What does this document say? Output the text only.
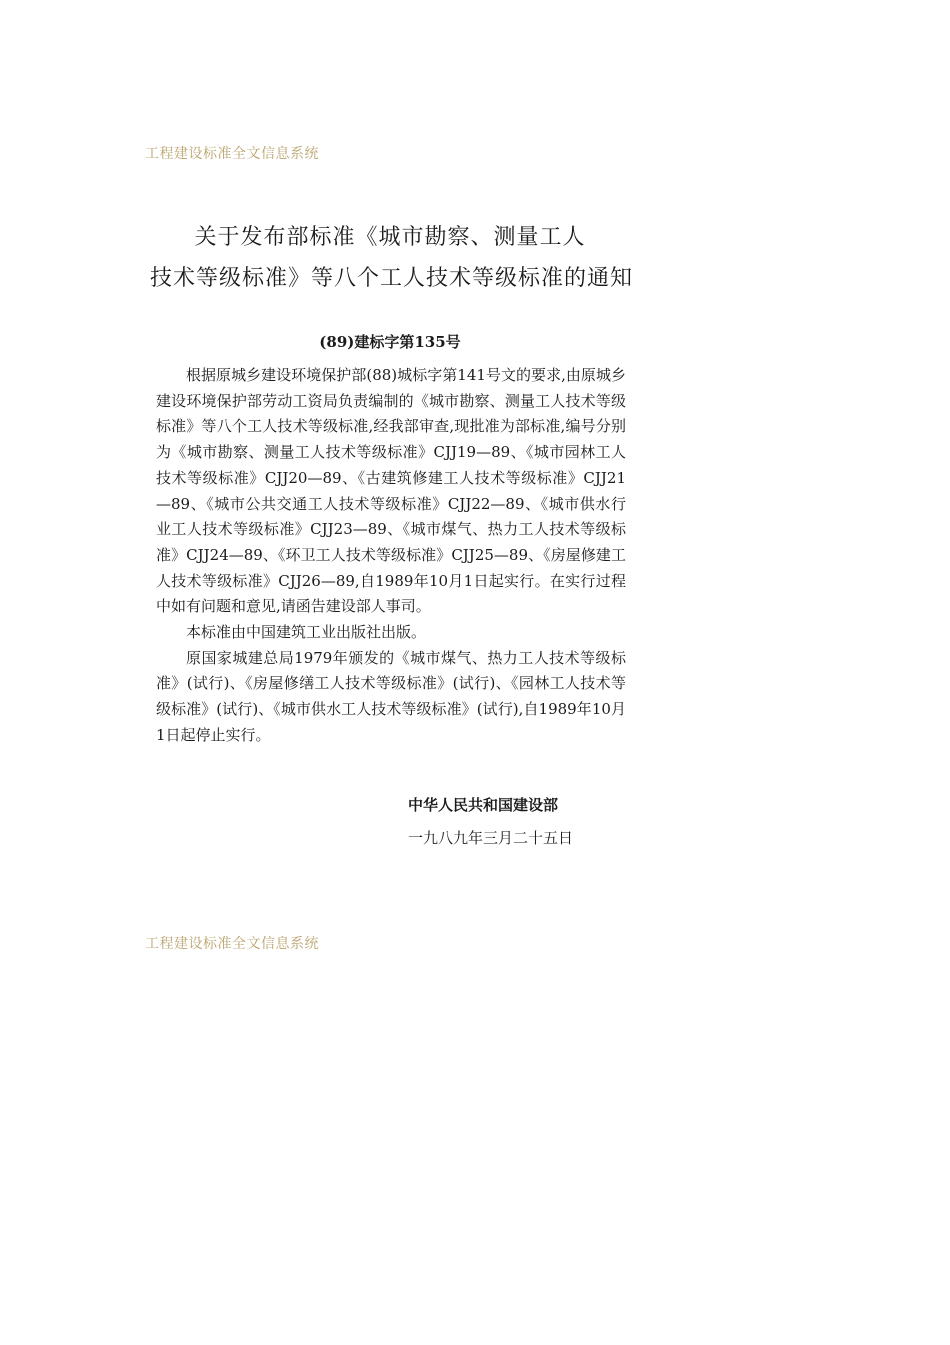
工程建设标准全文信息系统
关于发布部标准《城市勘察、测量工人
技术等级标准》等八个工人技术等级标准的通知
(89)建标字第135号

根据原城乡建设环境保护部(88)城标字第141号文的要求,由原城乡建设环境保护部劳动工资局负责编制的《城市勘察、测量工人技术等级标准》等八个工人技术等级标准,经我部审查,现批准为部标准,编号分别为《城市勘察、测量工人技术等级标准》CJJ19—89、《城市园林工人技术等级标准》CJJ20—89、《古建筑修建工人技术等级标准》CJJ21—89、《城市公共交通工人技术等级标准》CJJ22—89、《城市供水行业工人技术等级标准》CJJ23—89、《城市煤气、热力工人技术等级标准》CJJ24—89、《环卫工人技术等级标准》CJJ25—89、《房屋修建工人技术等级标准》CJJ26—89,自1989年10月1日起实行。在实行过程中如有问题和意见,请函告建设部人事司。

本标准由中国建筑工业出版社出版。

原国家城建总局1979年颁发的《城市煤气、热力工人技术等级标准》(试行)、《房屋修缮工人技术等级标准》(试行)、《园林工人技术等级标准》(试行)、《城市供水工人技术等级标准》(试行),自1989年10月1日起停止实行。

中华人民共和国建设部
一九八九年三月二十五日
工程建设标准全文信息系统
